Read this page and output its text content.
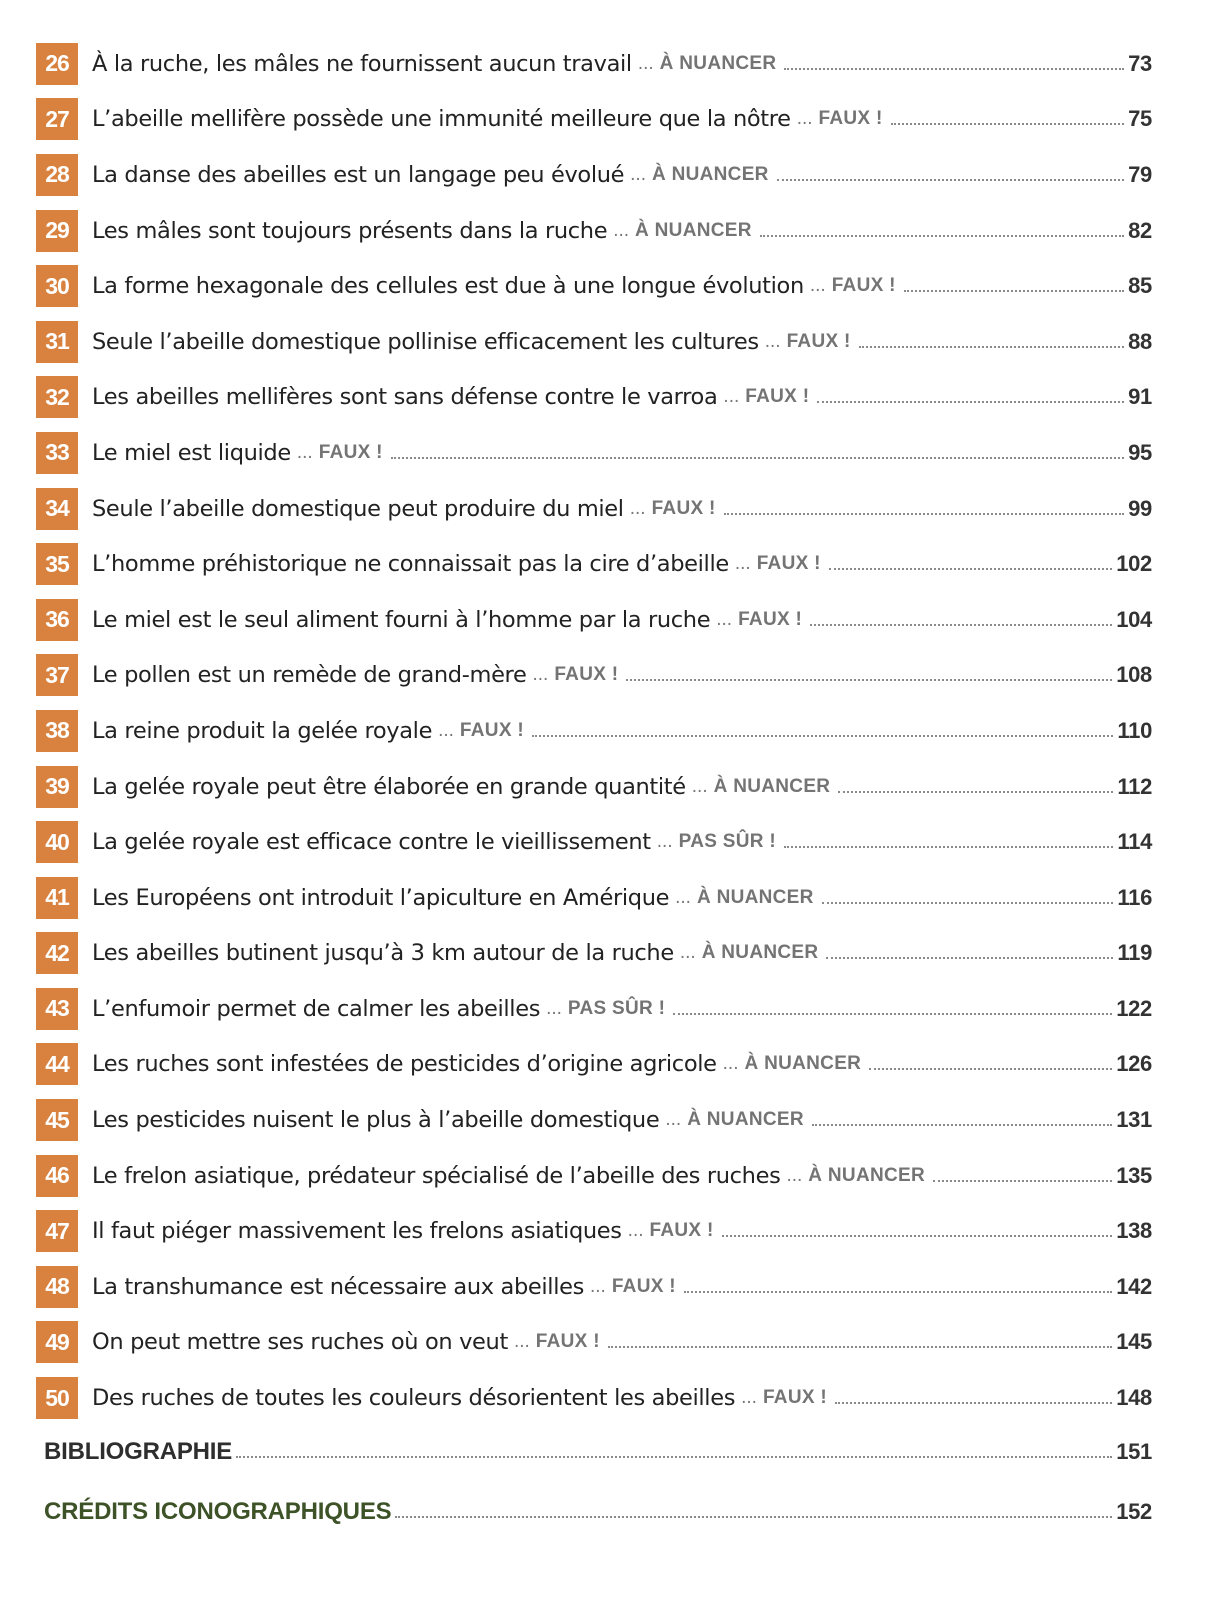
26	À la ruche, les mâles ne fournissent aucun travail ... À NUANCER	73
27	L’abeille mellifère possède une immunité meilleure que la nôtre ... FAUX !	75
28	La danse des abeilles est un langage peu évolué ... À NUANCER	79
29	Les mâles sont toujours présents dans la ruche ... À NUANCER	82
30	La forme hexagonale des cellules est due à une longue évolution ... FAUX !	85
31	Seule l’abeille domestique pollinise efficacement les cultures ... FAUX !	88
32	Les abeilles mellifères sont sans défense contre le varroa ... FAUX !	91
33	Le miel est liquide ... FAUX !	95
34	Seule l’abeille domestique peut produire du miel ... FAUX !	99
35	L’homme préhistorique ne connaissait pas la cire d’abeille ... FAUX !	102
36	Le miel est le seul aliment fourni à l’homme par la ruche ... FAUX !	104
37	Le pollen est un remède de grand-mère ... FAUX !	108
38	La reine produit la gelée royale ... FAUX !	110
39	La gelée royale peut être élaborée en grande quantité ... À NUANCER	112
40	La gelée royale est efficace contre le vieillissement ... PAS SÛR !	114
41	Les Européens ont introduit l’apiculture en Amérique ... À NUANCER	116
42	Les abeilles butinent jusqu’à 3 km autour de la ruche ... À NUANCER	119
43	L’enfumoir permet de calmer les abeilles ... PAS SÛR !	122
44	Les ruches sont infestées de pesticides d’origine agricole ... À NUANCER	126
45	Les pesticides nuisent le plus à l’abeille domestique ... À NUANCER	131
46	Le frelon asiatique, prédateur spécialisé de l’abeille des ruches ... À NUANCER	135
47	Il faut piéger massivement les frelons asiatiques ... FAUX !	138
48	La transhumance est nécessaire aux abeilles ... FAUX !	142
49	On peut mettre ses ruches où on veut ... FAUX !	145
50	Des ruches de toutes les couleurs désorientent les abeilles ... FAUX !	148
BIBLIOGRAPHIE	151
CRÉDITS ICONOGRAPHIQUES	152
